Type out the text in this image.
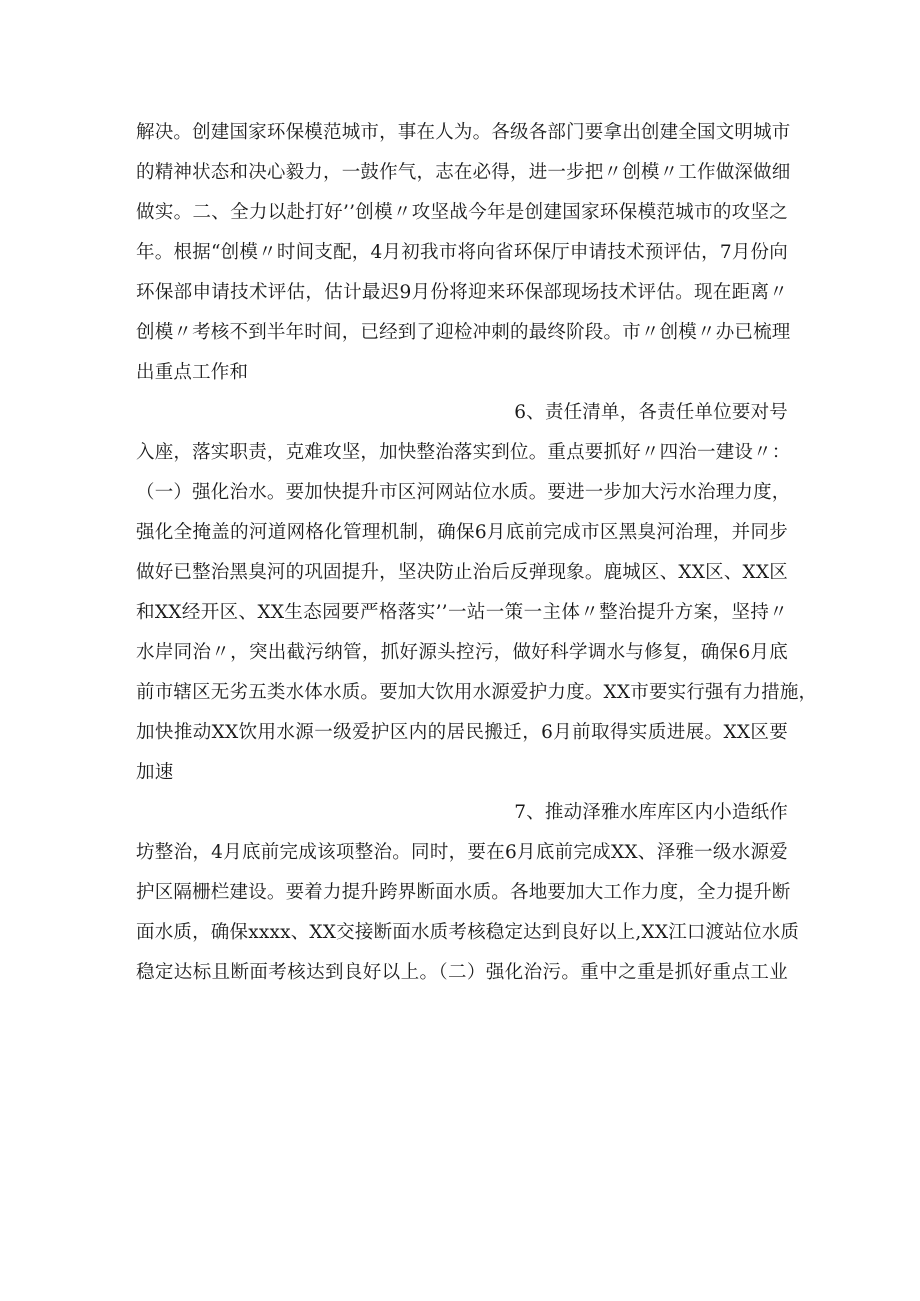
解决。创建国家环保模范城市，事在人为。各级各部门要拿出创建全国文明城市
的精神状态和决心毅力，一鼓作气，志在必得，进一步把〃创模〃工作做深做细
做实。二、全力以赴打好’’创模〃攻坚战今年是创建国家环保模范城市的攻坚之
年。根据“创模〃时间支配，4月初我市将向省环保厅申请技术预评估，7月份向
环保部申请技术评估，估计最迟9月份将迎来环保部现场技术评估。现在距离〃
创模〃考核不到半年时间，已经到了迎检冲刺的最终阶段。市〃创模〃办已梳理
出重点工作和
6、责任清单，各责任单位要对号
入座，落实职责，克难攻坚，加快整治落实到位。重点要抓好〃四治一建设〃：
（一）强化治水。要加快提升市区河网站位水质。要进一步加大污水治理力度，
强化全掩盖的河道网格化管理机制，确保6月底前完成市区黑臭河治理，并同步
做好已整治黑臭河的巩固提升，坚决防止治后反弹现象。鹿城区、XX区、XX区
和XX经开区、XX生态园要严格落实’’一站一策一主体〃整治提升方案，坚持〃
水岸同治〃，突出截污纳管，抓好源头控污，做好科学调水与修复，确保6月底
前市辖区无劣五类水体水质。要加大饮用水源爱护力度。XX市要实行强有力措施，
加快推动XX饮用水源一级爱护区内的居民搬迁，6月前取得实质进展。XX区要
加速
7、推动泽雅水库库区内小造纸作
坊整治，4月底前完成该项整治。同时，要在6月底前完成XX、泽雅一级水源爱
护区隔栅栏建设。要着力提升跨界断面水质。各地要加大工作力度，全力提升断
面水质，确保xxxx、XX交接断面水质考核稳定达到良好以上,XX江口渡站位水质
稳定达标且断面考核达到良好以上。（二）强化治污。重中之重是抓好重点工业
